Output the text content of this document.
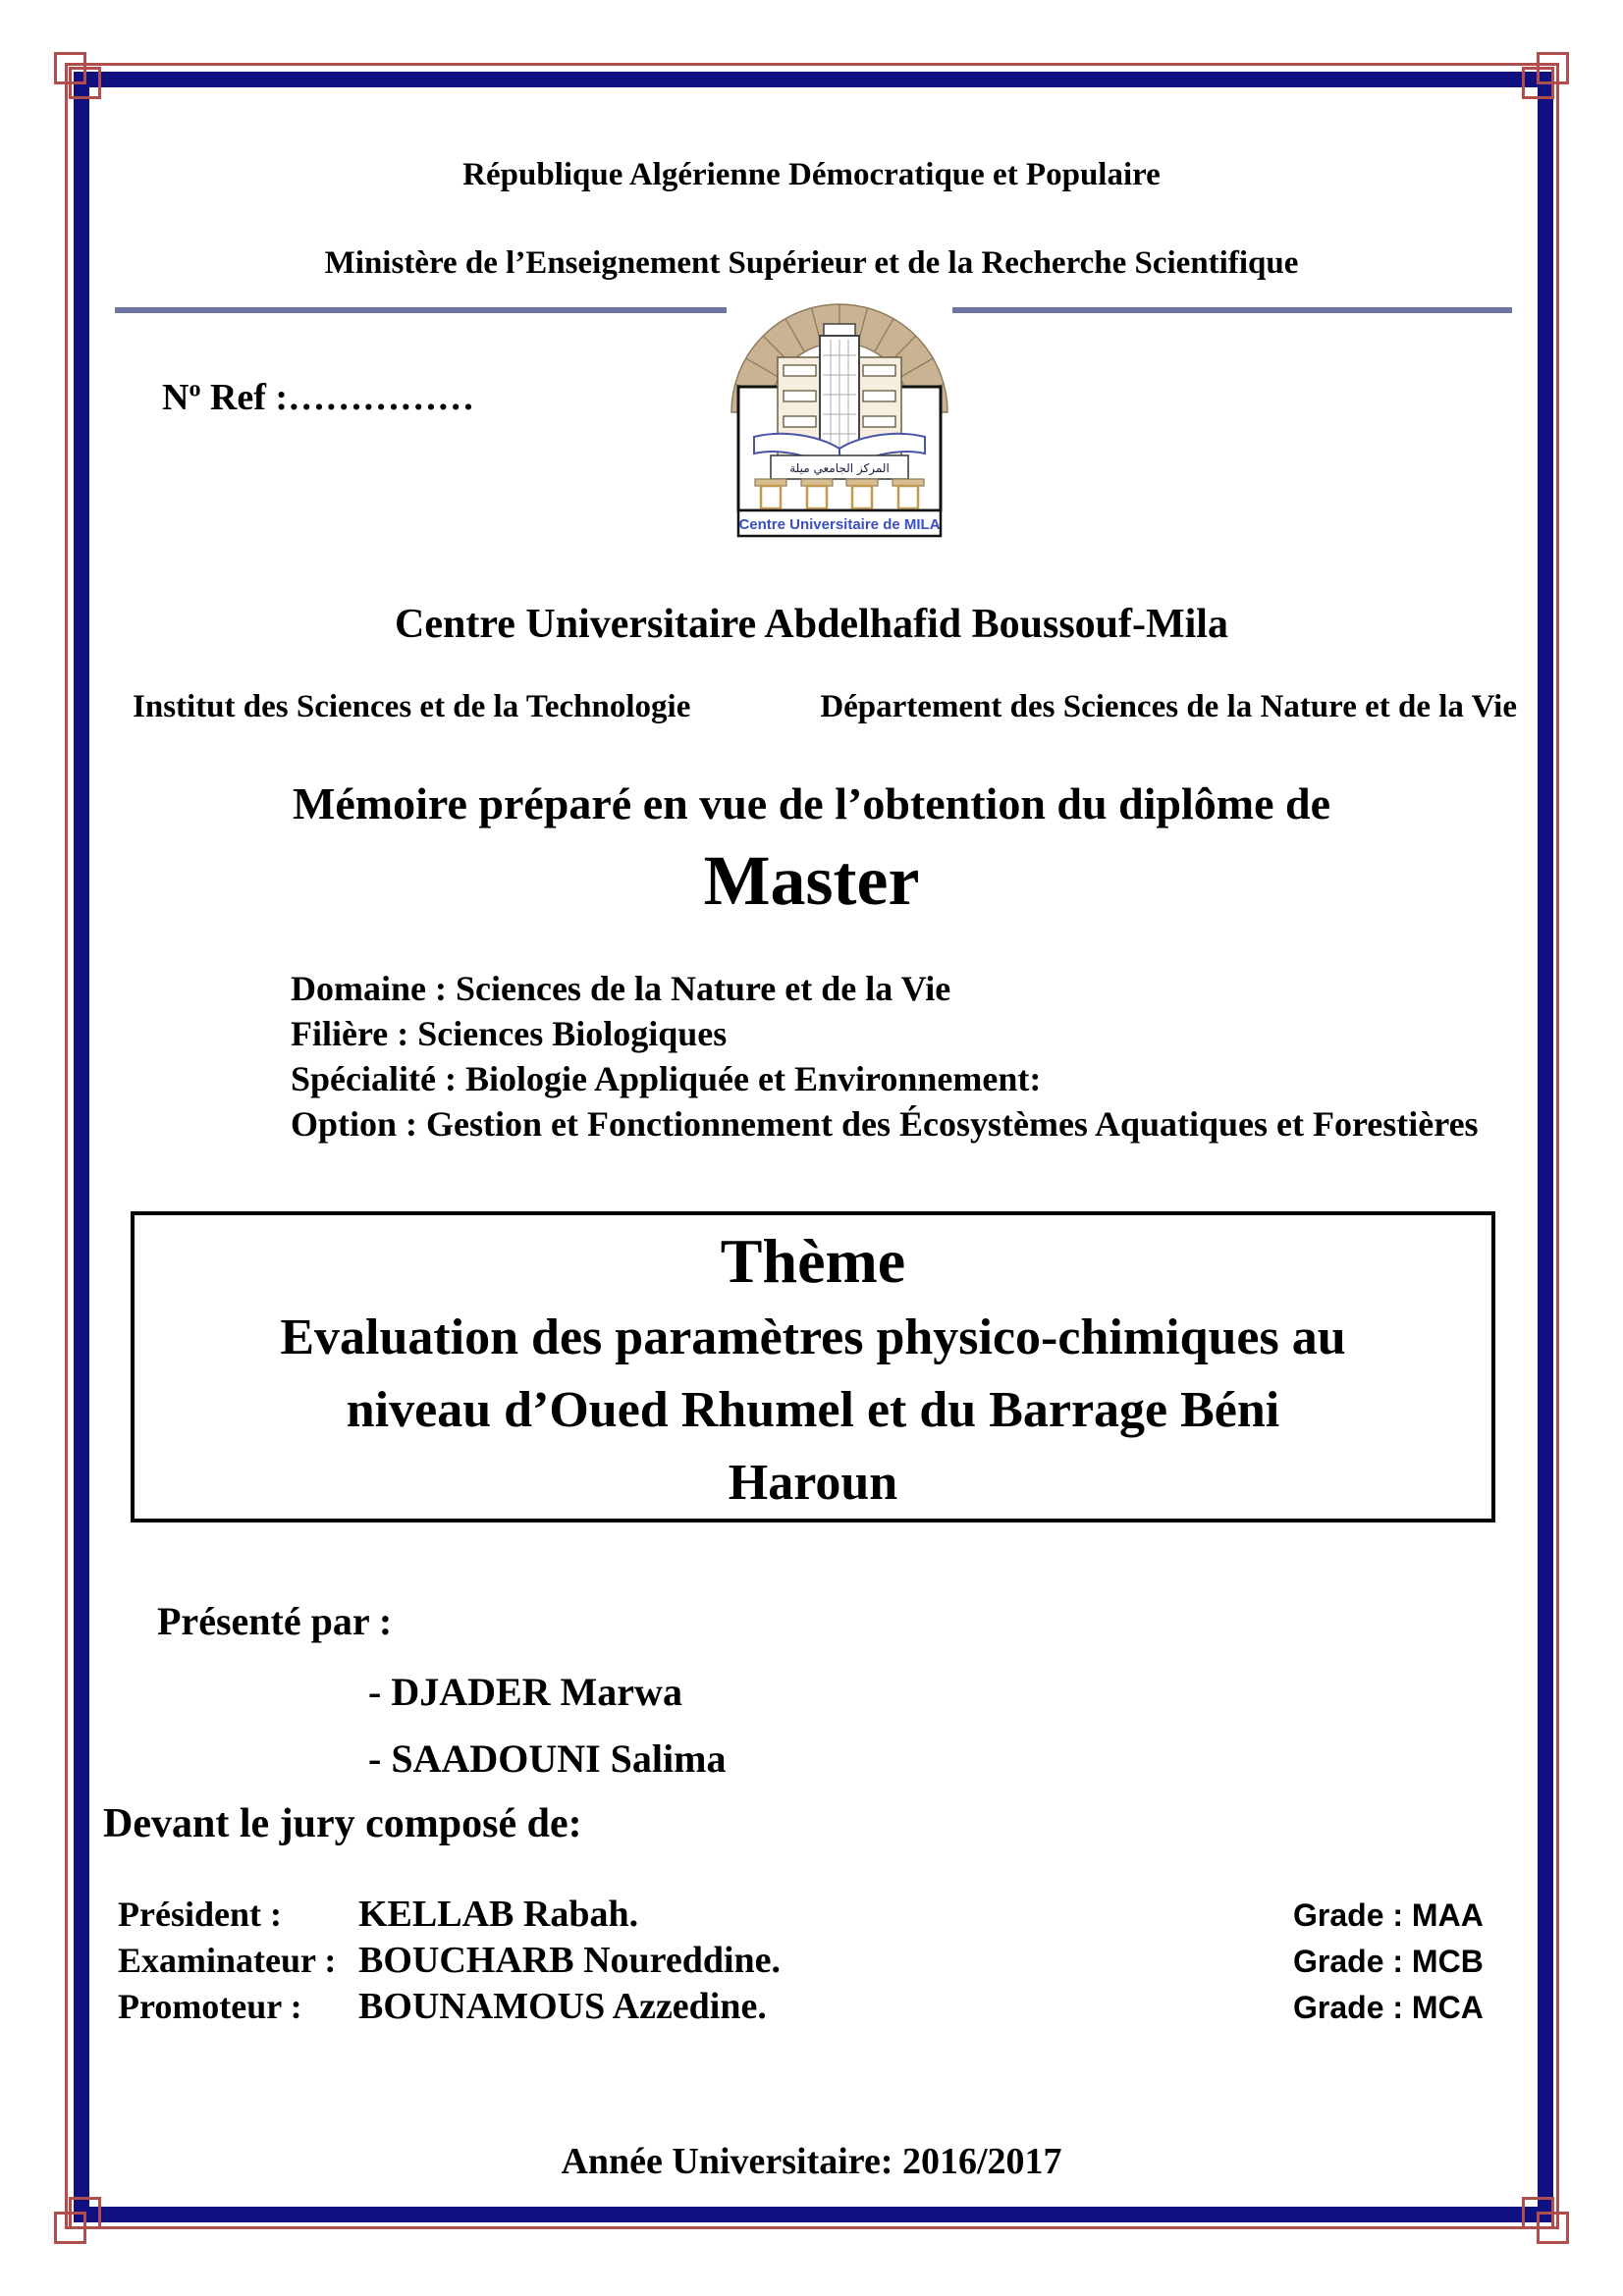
République Algérienne Démocratique et Populaire
Ministère de l’Enseignement Supérieur et de la Recherche Scientifique
المركز الجامعي ميلة
Centre Universitaire de MILA
$N^o$ Ref :……………
Centre Universitaire Abdelhafid Boussouf-Mila
Institut des Sciences et de la Technologie	Département des Sciences de la Nature et de la Vie
Mémoire préparé en vue de l’obtention du diplôme de
Master
Domaine : Sciences de la Nature et de la Vie
Filière : Sciences Biologiques
Spécialité : Biologie Appliquée et Environnement:
Option : Gestion et Fonctionnement des Écosystèmes Aquatiques et Forestières
Thème
Evaluation des paramètres physico-chimiques au
niveau d’Oued Rhumel et du Barrage Béni
Haroun
Présenté par :
- DJADER Marwa
- SAADOUNI Salima
Devant le jury composé de:
Président :	KELLAB Rabah.	Grade : MAA
Examinateur : BOUCHARB Noureddine.	Grade : MCB
Promoteur :	BOUNAMOUS Azzedine.	Grade : MCA
Année Universitaire: 2016/2017
